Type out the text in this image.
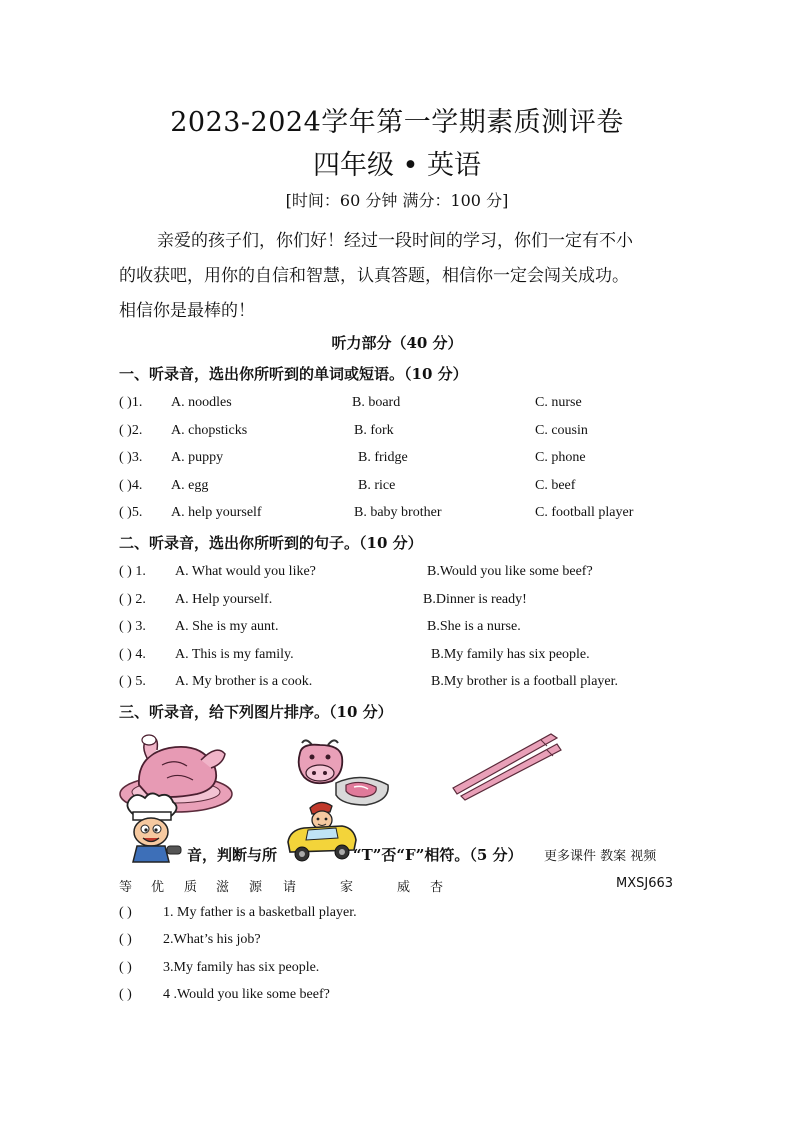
2023-2024学年第一学期素质测评卷
四年级 • 英语
[时间：60 分钟 满分：100 分]
亲爱的孩子们，你们好！经过一段时间的学习，你们一定有不小
的收获吧，用你的自信和智慧，认真答题，相信你一定会闯关成功。
相信你是最棒的！
听力部分（40 分）
一、听录音，选出你所听到的单词或短语。（10 分）
( )1. A. noodles	B. board	C. nurse
( )2. A. chopsticks	B. fork	C. cousin
( )3. A. puppy	B. fridge	C. phone
( )4. A. egg	B. rice	C. beef
( )5. A. help yourself	B. baby brother	C. football player
二、听录音，选出你所听到的句子。（10 分）
( ) 1. A. What would you like?	B.Would you like some beef?
( ) 2. A. Help yourself.	B.Dinner is ready!
( ) 3. A. She is my aunt.	B.She is a nurse.
( ) 4. A. This is my family.	B.My family has six people.
( ) 5. A. My brother is a cook.	B.My brother is a football player.
三、听录音，给下列图片排序。（10 分）
音，判断与所	“T”否“F”相符。（5 分） 更多课件 教案 视频
等 优 质 滋 源 请	家	威 杏	MXSJ663
( ) 1. My father is a basketball player.
( ) 2.What’s his job?
( ) 3.My family has six people.
( ) 4 .Would you like some beef?
